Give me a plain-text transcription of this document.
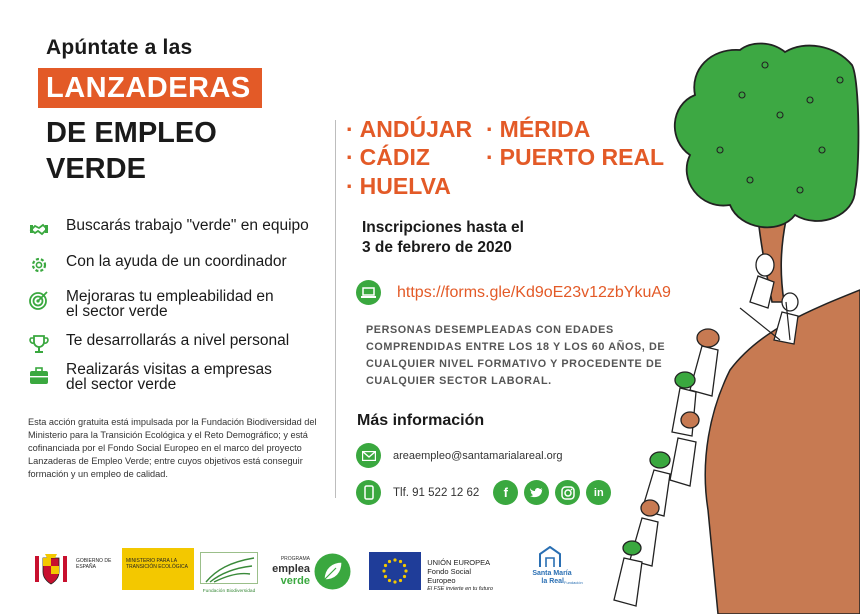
Apúntate a las
LANZADERAS
DE EMPLEO
VERDE
Buscarás trabajo "verde" en equipo
Con la ayuda de un coordinador
Mejoraras tu empleabilidad en
el sector verde
Te desarrollarás a nivel personal
Realizarás visitas a empresas
del sector verde
Esta acción gratuita está impulsada por la Fundación Biodiversidad del Ministerio para la Transición Ecológica y el Reto Demográfico; y está cofinanciada por el Fondo Social Europeo en el marco del proyecto Lanzaderas de Empleo Verde; entre cuyos objetivos está conseguir formación y un empleo de calidad.
· ANDÚJAR
· CÁDIZ
· HUELVA
· MÉRIDA
· PUERTO REAL
Inscripciones hasta el
3 de febrero de 2020
https://forms.gle/Kd9oE23v12zbYkuA9
PERSONAS DESEMPLEADAS CON EDADES COMPRENDIDAS ENTRE LOS 18 Y LOS 60 AÑOS, DE CUALQUIER NIVEL FORMATIVO Y PROCEDENTE DE CUALQUIER SECTOR LABORAL.
Más información
areaempleo@santamarialareal.org
Tlf. 91 522 12 62	f	in
GOBIERNO DE ESPAÑA
MINISTERIO PARA LA TRANSICIÓN ECOLÓGICA
Fundación Biodiversidad
PROGRAMA
emplea
verde
UNIÓN EUROPEA
Fondo Social Europeo
El FSE invierte en tu futuro
Santa María
la Real Fundación
